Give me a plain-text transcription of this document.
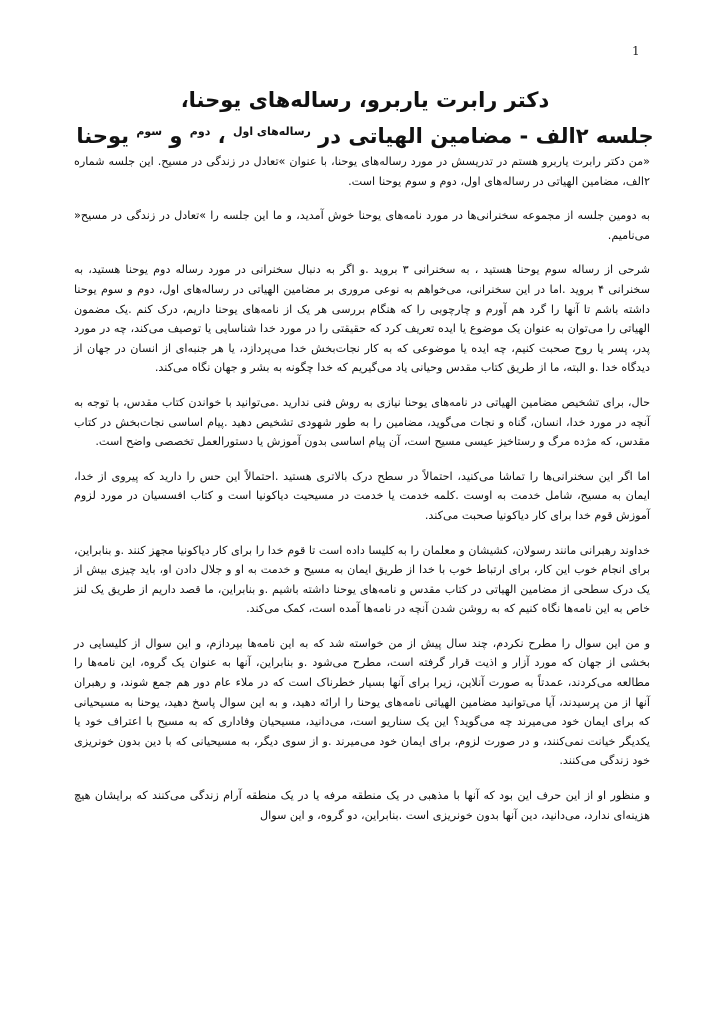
1
دکتر رابرت یاربرو، رساله‌های یوحنا،
جلسه ۲الف - مضامین الهیاتی در $^{رساله‌های اول}$ ، $^{دوم}$ و $^{سوم}$ یوحنا

«من دکتر رابرت یاربرو هستم در تدریسش در مورد رساله‌های یوحنا، با عنوان »تعادل در زندگی در مسیح. این جلسه شماره ۲الف، مضامین الهیاتی در رساله‌های اول، دوم و سوم یوحنا است.

به دومین جلسه از مجموعه سخنرانی‌ها در مورد نامه‌های یوحنا خوش آمدید، و ما این جلسه را »تعادل در زندگی در مسیح« می‌نامیم.

شرحی از رساله سوم یوحنا هستید ، به سخنرانی ۳ بروید .و اگر به دنبال سخنرانی در مورد رساله دوم یوحنا هستید، به سخنرانی ۴ بروید .اما در این سخنرانی، می‌خواهم به نوعی مروری بر مضامین الهیاتی در رساله‌های اول، دوم و سوم یوحنا داشته باشم تا آنها را گرد هم آورم و چارچوبی را که هنگام بررسی هر یک از نامه‌های یوحنا داریم، درک کنم .یک مضمون الهیاتی را می‌توان به عنوان یک موضوع یا ایده تعریف کرد که حقیقتی را در مورد خدا شناسایی یا توصیف می‌کند، چه در مورد پدر، پسر یا روح صحبت کنیم، چه ایده یا موضوعی که به کار نجات‌بخش خدا می‌پردازد، یا هر جنبه‌ای از انسان در جهان از دیدگاه خدا .و البته، ما از طریق کتاب مقدس وحیانی یاد می‌گیریم که خدا چگونه به بشر و جهان نگاه می‌کند.

حال، برای تشخیص مضامین الهیاتی در نامه‌های یوحنا نیازی به روش فنی ندارید .می‌توانید با خواندن کتاب مقدس، با توجه به آنچه در مورد خدا، انسان، گناه و نجات می‌گوید، مضامین را به طور شهودی تشخیص دهید .پیام اساسی نجات‌بخش در کتاب مقدس، که مژده مرگ و رستاخیز عیسی مسیح است، آن پیام اساسی بدون آموزش یا دستورالعمل تخصصی واضح است.

اما اگر این سخنرانی‌ها را تماشا می‌کنید، احتمالاً در سطح درک بالاتری هستید .احتمالاً این حس را دارید که پیروی از خدا، ایمان به مسیح، شامل خدمت به اوست .کلمه خدمت یا خدمت در مسیحیت دیاکونیا است و کتاب افسسیان در مورد لزوم آموزش قوم خدا برای کار دیاکونیا صحبت می‌کند.

خداوند رهبرانی مانند رسولان، کشیشان و معلمان را به کلیسا داده است تا قوم خدا را برای کار دیاکونیا مجهز کنند .و بنابراین، برای انجام خوب این کار، برای ارتباط خوب با خدا از طریق ایمان به مسیح و خدمت به او و جلال دادن او، باید چیزی بیش از یک درک سطحی از مضامین الهیاتی در کتاب مقدس و نامه‌های یوحنا داشته باشیم .و بنابراین، ما قصد داریم از طریق یک لنز خاص به این نامه‌ها نگاه کنیم که به روشن شدن آنچه در نامه‌ها آمده است، کمک می‌کند.

و من این سوال را مطرح نکردم، چند سال پیش از من خواسته شد که به این نامه‌ها بپردازم، و این سوال از کلیسایی در بخشی از جهان که مورد آزار و اذیت قرار گرفته است، مطرح می‌شود .و بنابراین، آنها به عنوان یک گروه، این نامه‌ها را مطالعه می‌کردند، عمدتاً به صورت آنلاین، زیرا برای آنها بسیار خطرناک است که در ملاء عام دور هم جمع شوند، و رهبران آنها از من پرسیدند، آیا می‌توانید مضامین الهیاتی نامه‌های یوحنا را ارائه دهید، و به این سوال پاسخ دهید، یوحنا به مسیحیانی که برای ایمان خود می‌میرند چه می‌گوید؟ این یک سناریو است، می‌دانید، مسیحیان وفاداری که به مسیح با اعتراف خود یا یکدیگر خیانت نمی‌کنند، و در صورت لزوم، برای ایمان خود می‌میرند .و از سوی دیگر، به مسیحیانی که با دین بدون خونریزی خود زندگی می‌کنند.

و منظور او از این حرف این بود که آنها با مذهبی در یک منطقه مرفه یا در یک منطقه آرام زندگی می‌کنند که برایشان هیچ هزینه‌ای ندارد، می‌دانید، دین آنها بدون خونریزی است .بنابراین، دو گروه، و این سوال
